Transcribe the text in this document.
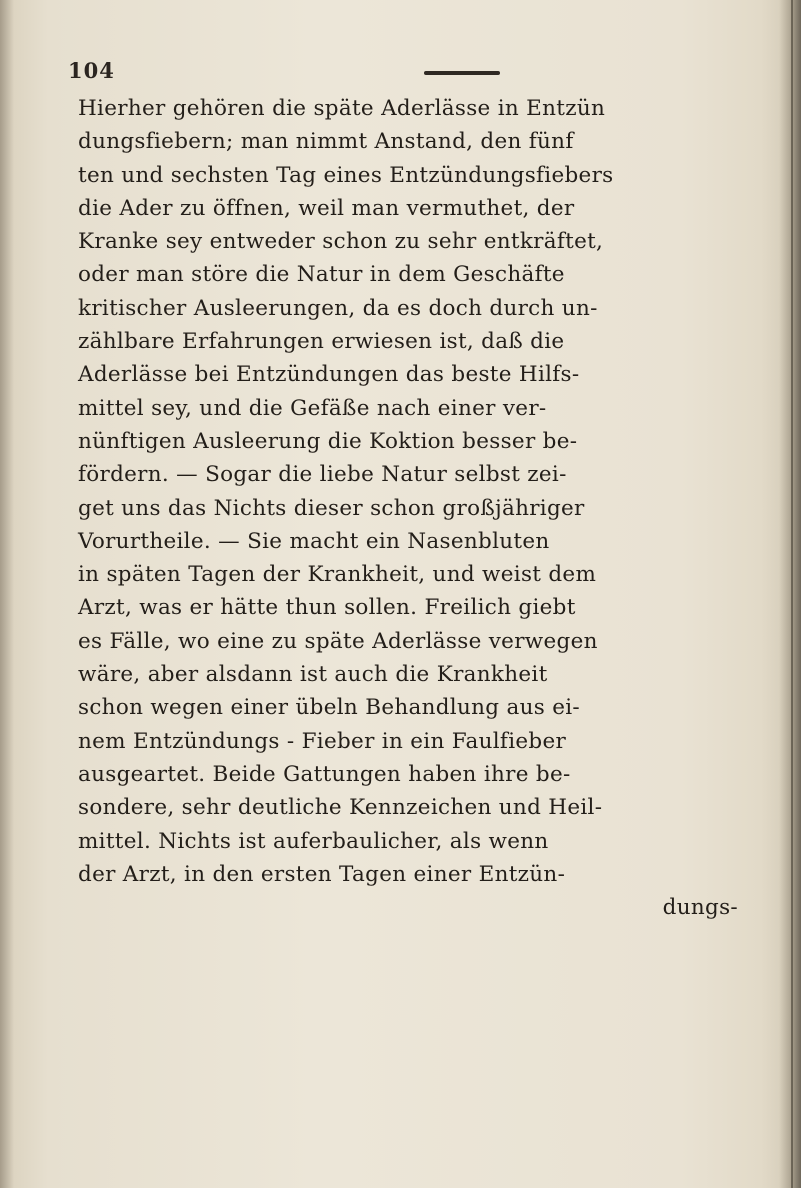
104
Hierher gehören die späte Aderlässe in Entzün
dungsfiebern; man nimmt Anstand, den fünf
ten und sechsten Tag eines Entzündungsfiebers
die Ader zu öffnen, weil man vermuthet, der
Kranke sey entweder schon zu sehr entkräftet,
oder man störe die Natur in dem Geschäfte
kritischer Ausleerungen, da es doch durch un-
zählbare Erfahrungen erwiesen ist, daß die
Aderlässe bei Entzündungen das beste Hilfs-
mittel sey, und die Gefäße nach einer ver-
nünftigen Ausleerung die Koktion besser be-
fördern. — Sogar die liebe Natur selbst zei-
get uns das Nichts dieser schon großjähriger
Vorurtheile. — Sie macht ein Nasenbluten
in späten Tagen der Krankheit, und weist dem
Arzt, was er hätte thun sollen. Freilich giebt
es Fälle, wo eine zu späte Aderlässe verwegen
wäre, aber alsdann ist auch die Krankheit
schon wegen einer übeln Behandlung aus ei-
nem Entzündungs - Fieber in ein Faulfieber
ausgeartet. Beide Gattungen haben ihre be-
sondere, sehr deutliche Kennzeichen und Heil-
mittel. Nichts ist auferbaulicher, als wenn
der Arzt, in den ersten Tagen einer Entzün-
dungs-
